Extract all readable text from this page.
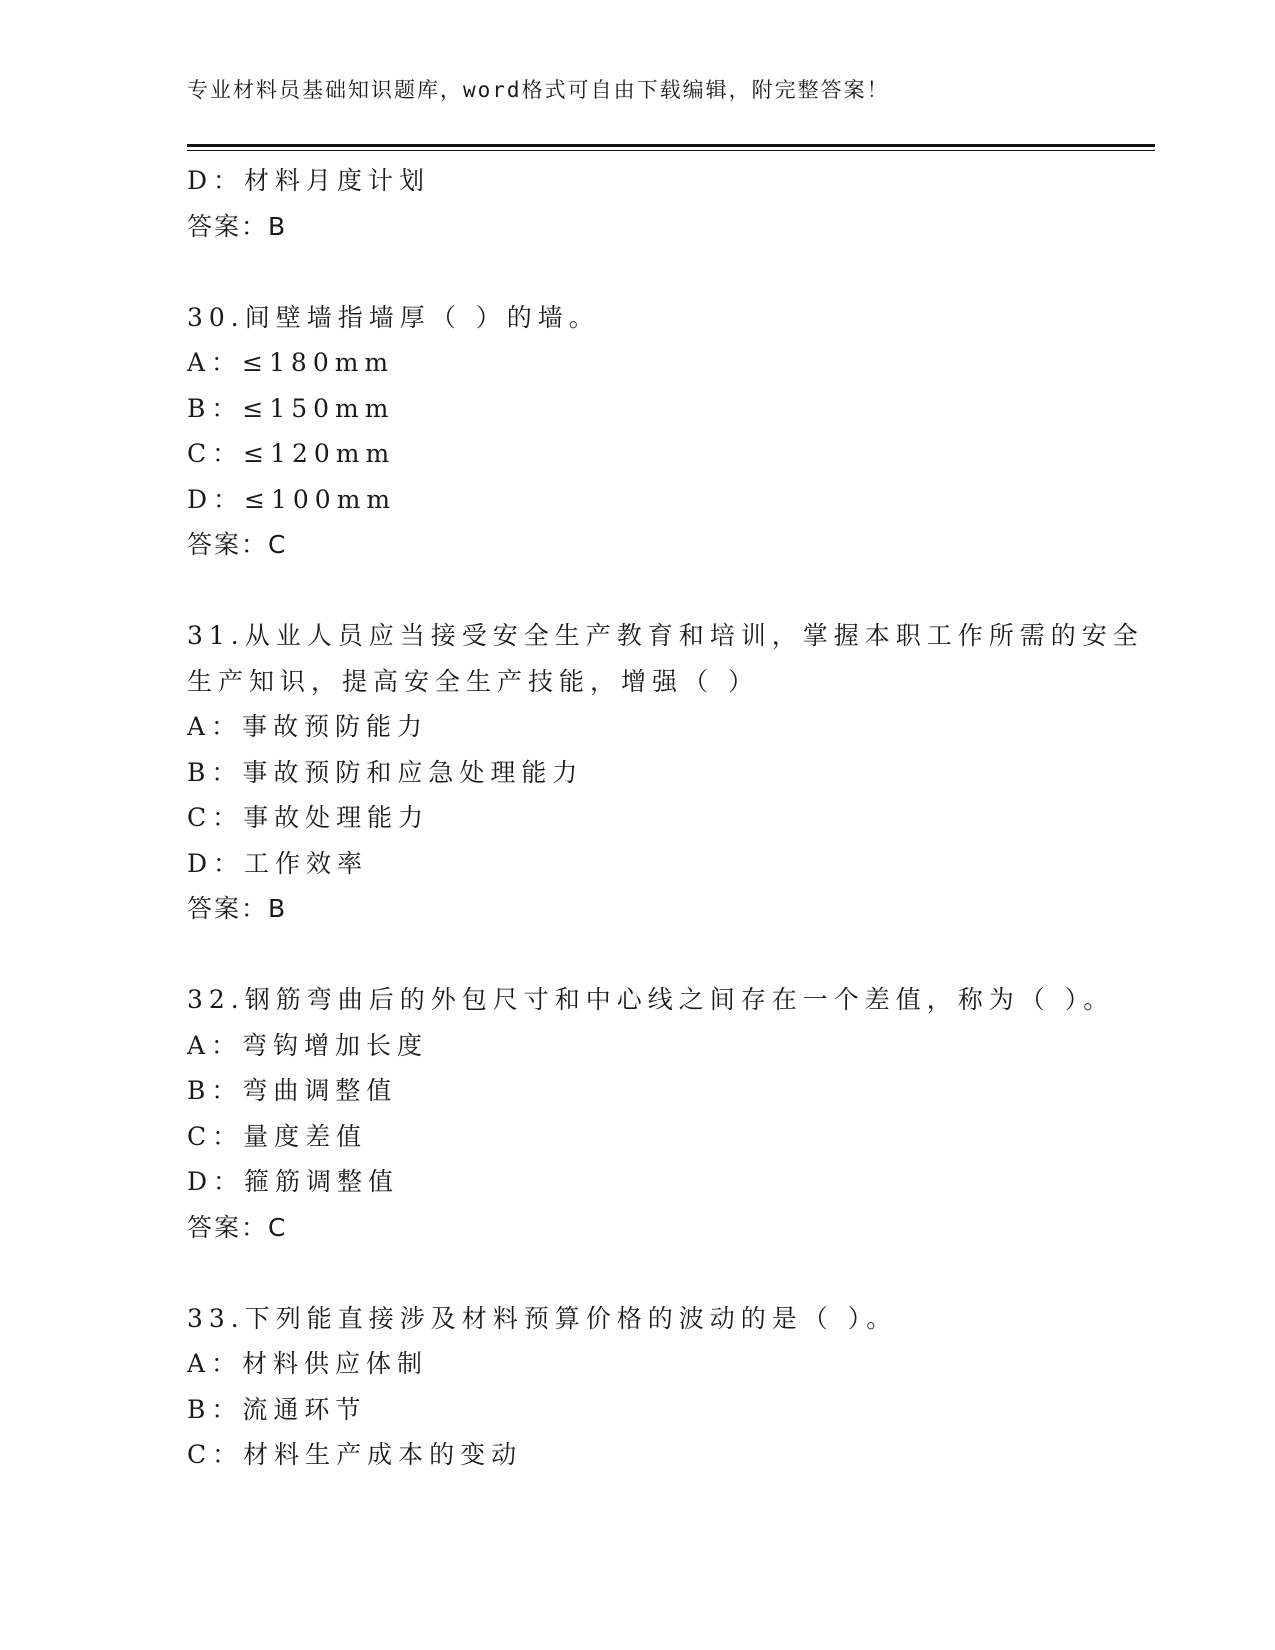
专业材料员基础知识题库，word格式可自由下载编辑，附完整答案！
D：材料月度计划
答案：B
30.间壁墙指墙厚（ ）的墙。
A：≤180mm
B：≤150mm
C：≤120mm
D：≤100mm
答案：C
31.从业人员应当接受安全生产教育和培训，掌握本职工作所需的安全
生产知识，提高安全生产技能，增强（ ）
A：事故预防能力
B：事故预防和应急处理能力
C：事故处理能力
D：工作效率
答案：B
32.钢筋弯曲后的外包尺寸和中心线之间存在一个差值，称为（ ）。
A：弯钩增加长度
B：弯曲调整值
C：量度差值
D：箍筋调整值
答案：C
33.下列能直接涉及材料预算价格的波动的是（ ）。
A：材料供应体制
B：流通环节
C：材料生产成本的变动
